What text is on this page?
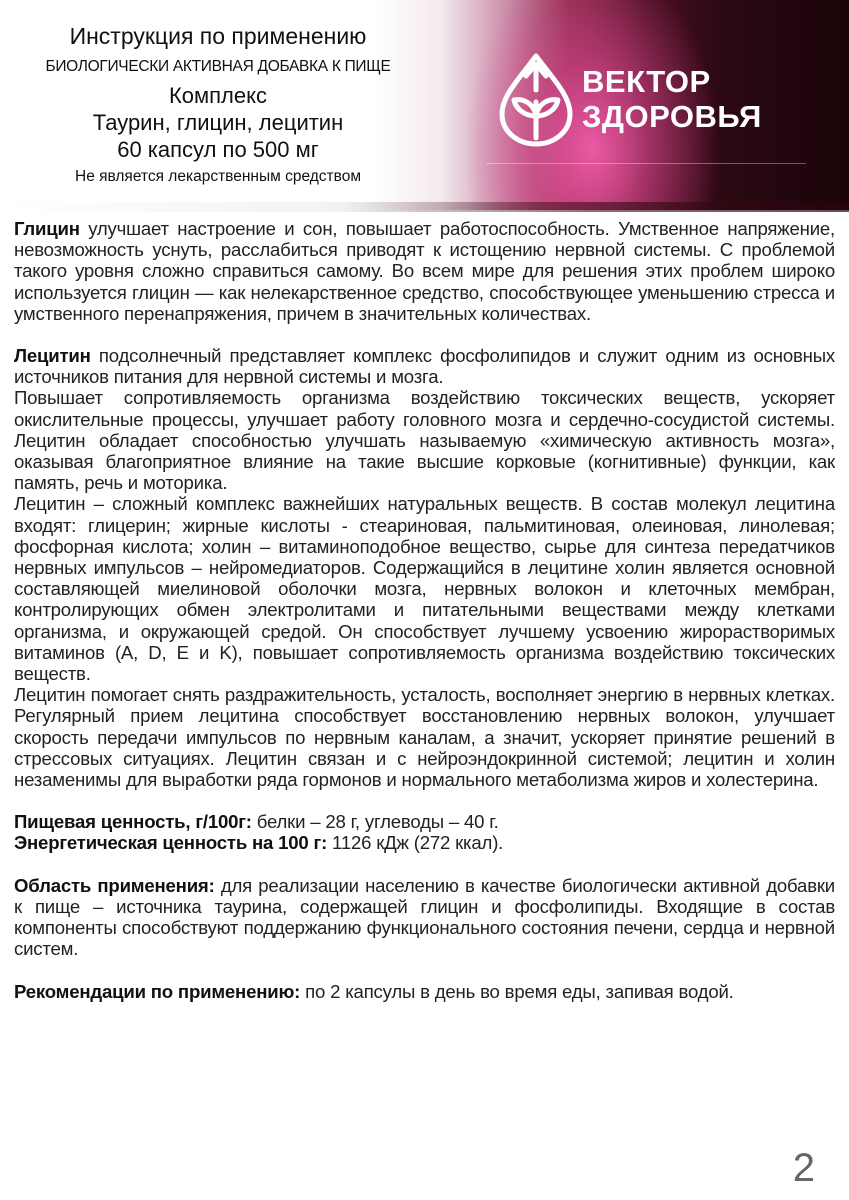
Инструкция по применению
БИОЛОГИЧЕСКИ АКТИВНАЯ ДОБАВКА К ПИЩЕ
Комплекс
Таурин, глицин, лецитин
60 капсул по 500 мг
Не является лекарственным средством
ВЕКТОР
ЗДОРОВЬЯ

Глицин улучшает настроение и сон, повышает работоспособность. Умственное напряжение, невозможность уснуть, расслабиться приводят к истощению нервной системы. С проблемой такого уровня сложно справиться самому. Во всем мире для решения этих проблем широко используется глицин — как нелекарственное средство, способствующее уменьшению стресса и умственного перенапряжения, причем в значительных количествах.

Лецитин подсолнечный представляет комплекс фосфолипидов и служит одним из основных источников питания для нервной системы и мозга.

Повышает сопротивляемость организма воздействию токсических веществ, ускоряет окислительные процессы, улучшает работу головного мозга и сердечно-сосудистой системы. Лецитин обладает способностью улучшать называемую «химическую активность мозга», оказывая благоприятное влияние на такие высшие корковые (когнитивные) функции, как память, речь и моторика.

Лецитин – сложный комплекс важнейших натуральных веществ. В состав молекул лецитина входят: глицерин; жирные кислоты - стеариновая, пальмитиновая, олеиновая, линолевая; фосфорная кислота; холин – витаминоподобное вещество, сырье для синтеза передатчиков нервных импульсов – нейромедиаторов. Содержащийся в лецитине холин является основной составляющей миелиновой оболочки мозга, нервных волокон и клеточных мембран, контролирующих обмен электролитами и питательными веществами между клетками организма, и окружающей средой. Он способствует лучшему усвоению жирорастворимых витаминов (A, D, E и K), повышает сопротивляемость организма воздействию токсических веществ.

Лецитин помогает снять раздражительность, усталость, восполняет энергию в нервных клетках. Регулярный прием лецитина способствует восстановлению нервных волокон, улучшает скорость передачи импульсов по нервным каналам, а значит, ускоряет принятие решений в стрессовых ситуациях. Лецитин связан и с нейроэндокринной системой; лецитин и холин незаменимы для выработки ряда гормонов и нормального метаболизма жиров и холестерина.

Пищевая ценность, г/100г: белки – 28 г, углеводы – 40 г.

Энергетическая ценность на 100 г: 1126 кДж (272 ккал).

Область применения: для реализации населению в качестве биологически активной добавки к пище – источника таурина, содержащей глицин и фосфолипиды. Входящие в состав компоненты способствуют поддержанию функционального состояния печени, сердца и нервной систем.

Рекомендации по применению: по 2 капсулы в день во время еды, запивая водой.

2
